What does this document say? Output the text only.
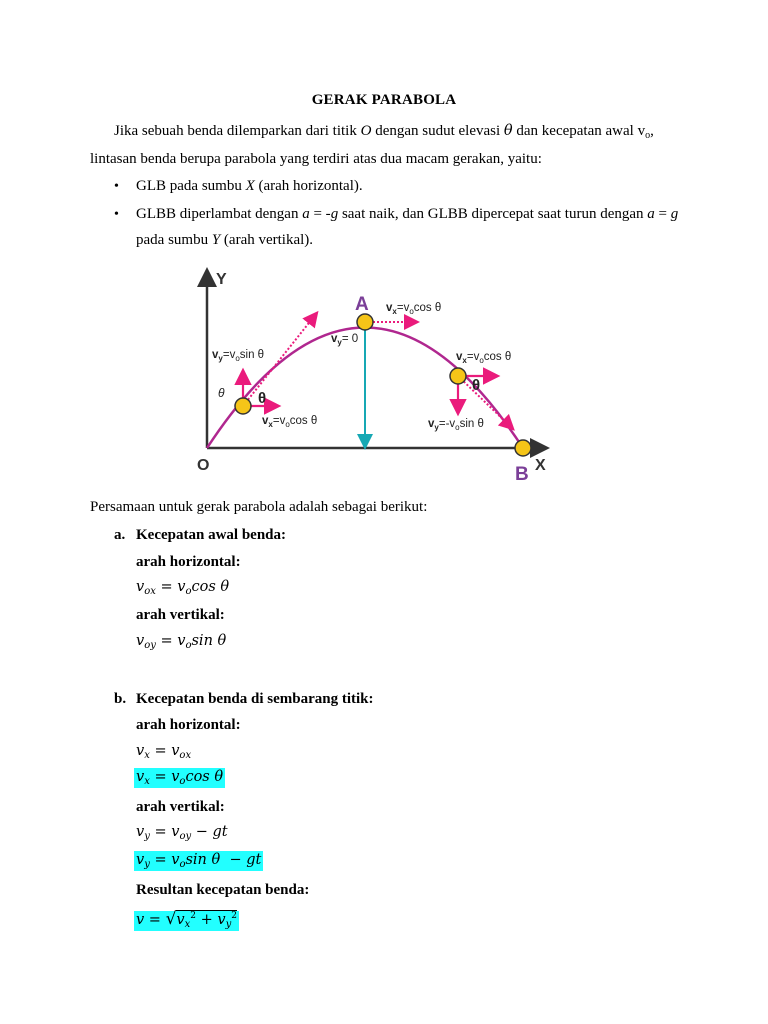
GERAK PARABOLA
Jika sebuah benda dilemparkan dari titik O dengan sudut elevasi θ dan kecepatan awal $v_o$,
lintasan benda berupa parabola yang terdiri atas dua macam gerakan, yaitu:
• GLB pada sumbu X (arah horizontal).
• GLBB diperlambat dengan a = -g saat naik, dan GLBB dipercepat saat turun dengan a = g
pada sumbu Y (arah vertikal).
Y
X
O
A
B
$v_x=v_o\cos$ θ
$v_y= 0$
$v_y=v_o\sin$ θ
θ θ
$v_x=v_o\cos$ θ
$v_x=v_o\cos$ θ
θ
$v_y=-v_o\sin$ θ
Persamaan untuk gerak parabola adalah sebagai berikut:
a. Kecepatan awal benda:
arah horizontal:
$v_{ox} = v_o\cos$ θ
arah vertikal:
$v_{oy} = v_o\sin$ θ
b. Kecepatan benda di sembarang titik:
arah horizontal:
$v_x = v_{ox}$
$v_x = v_o\cos$ θ
arah vertikal:
$v_y = v_{oy}$ − gt
$v_y = v_o\sin$ θ  − gt
Resultan kecepatan benda:
$v = √v_x^2 + v_y^2$
